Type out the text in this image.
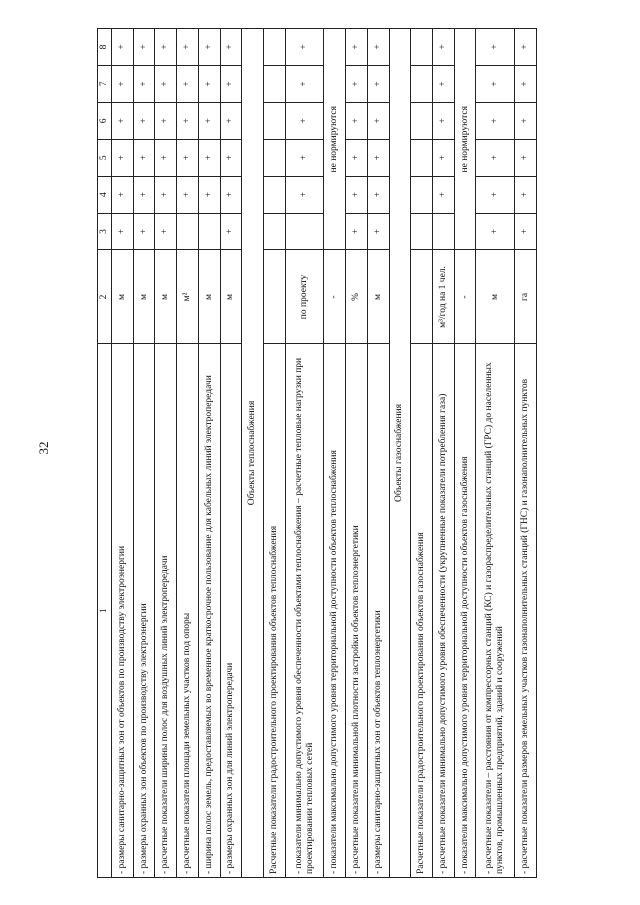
32
1	2	3	4	5	6	7	8
- размеры санитарно-защитных зон от объектов по производству электроэнергии	м	+	+	+	+	+	+
- размеры охранных зон объектов по производству электроэнергии	м	+	+	+	+	+	+
- расчетные показатели ширины полос для воздушных линий электропередачи	м	+	+	+	+	+	+
- расчетные показатели площади земельных участков под опоры	м²		+	+	+	+	+
- ширина полос земель, предоставляемых во временное краткосрочное пользование для кабельных линий электропередачи	м		+	+	+	+	+
- размеры охранных зон для линий электропередачи	м	+	+	+	+	+	+
Объекты теплоснабжения							
Расчетные показатели градостроительного проектирования объектов теплоснабжения							
- показатели минимально допустимого уровня обеспеченности объектами теплоснабжения – расчетные тепловые нагрузки при проектировании тепловых сетей	по проекту		+	+	+	+	+
- показатели максимально допустимого уровня территориальной доступности объектов теплоснабжения	-	не нормируются					
- расчетные показатели минимальной плотности застройки объектов теплоэнергетики	%	+	+	+	+	+	+
- размеры санитарно-защитных зон от объектов теплоэнергетики	м	+	+	+	+	+	+
Объекты газоснабжения							
Расчетные показатели градостроительного проектирования объектов газоснабжения							
- расчетные показатели минимально допустимого уровня обеспеченности (укрупненные показатели потребления газа)	м³/год на 1 чел.		+	+	+	+	+
- показатели максимально допустимого уровня территориальной доступности объектов газоснабжения	-	не нормируются					
- расчетные показатели – расстояния от компрессорных станций (КС) и газораспределительных станций (ГРС) до населенных пунктов, промышленных предприятий, зданий и сооружений	м	+	+	+	+	+	+
- расчетные показатели размеров земельных участков газонаполнительных станций (ГНС) и газонаполнительных пунктов	га	+	+	+	+	+	+
